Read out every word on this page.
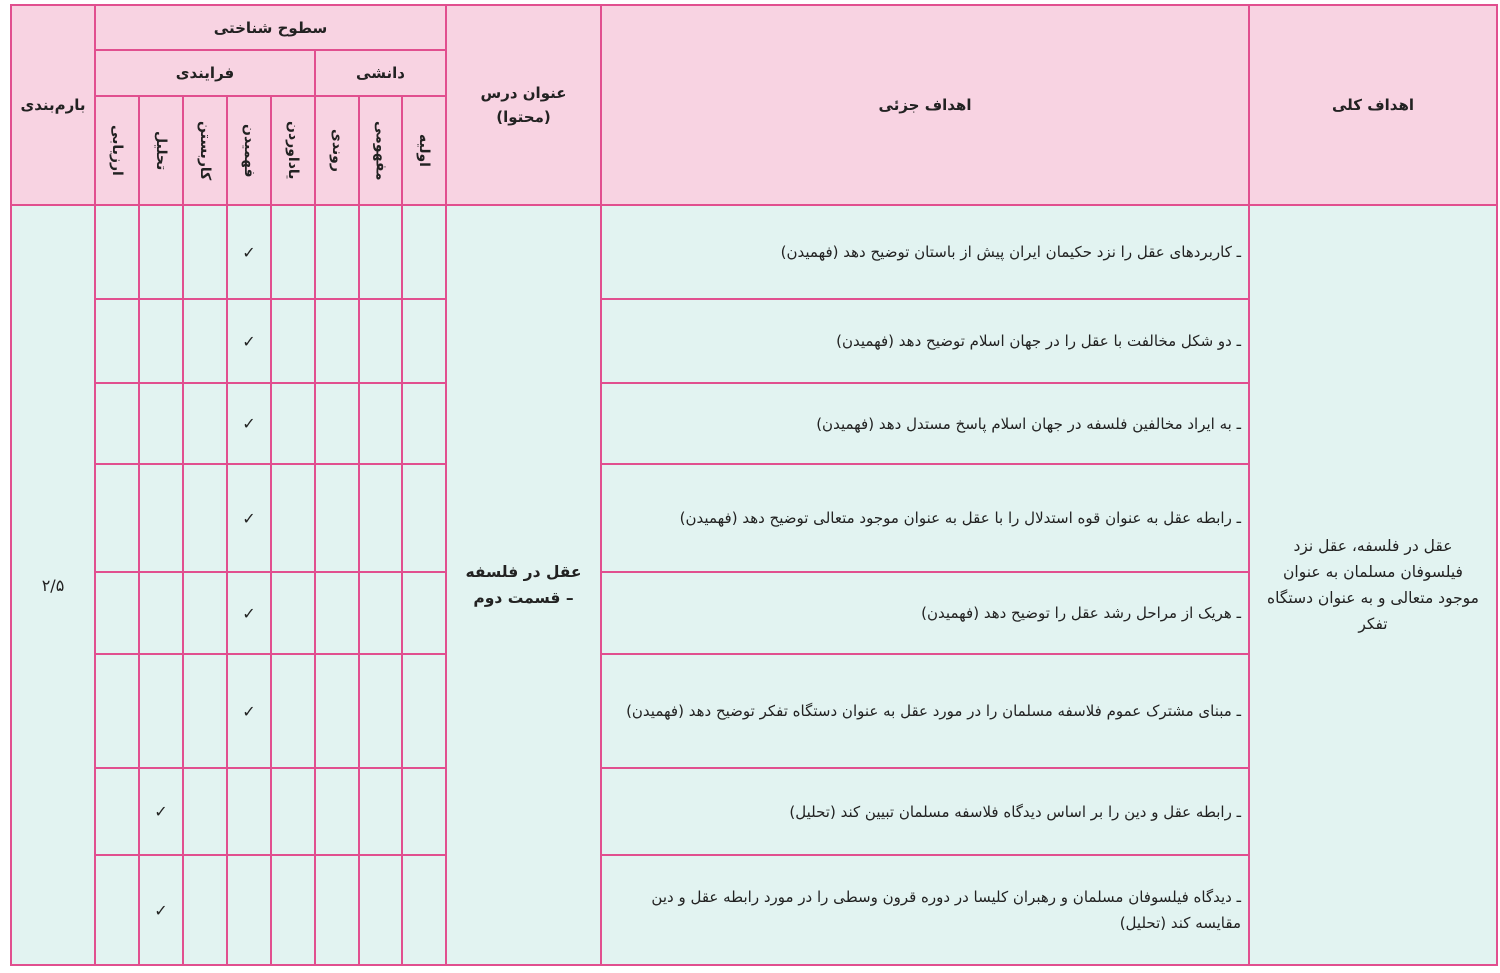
اهداف کلی
اهداف جزئی
عنوان درس
(محتوا)
سطوح شناختی
دانشی
فرایندی
بارم‌بندی
اولیه
مفهومی
روندی
یاداوردن
فهمیدن
کاربستن
تحلیل
ارزیابی
عقل در فلسفه، عقل نزد فیلسوفان مسلمان به عنوان موجود متعالی و به عنوان دستگاه تفکر
عقل در فلسفه – قسمت دوم
۲/۵
ـ کاربردهای عقل را نزد حکیمان ایران پیش از باستان توضیح دهد (فهمیدن)
✓
ـ دو شکل مخالفت با عقل را در جهان اسلام توضیح دهد (فهمیدن)
✓
ـ به ایراد مخالفین فلسفه در جهان اسلام پاسخ مستدل دهد (فهمیدن)
✓
ـ رابطه عقل به عنوان قوه استدلال را با عقل به عنوان موجود متعالی توضیح دهد (فهمیدن)
✓
ـ هریک از مراحل رشد عقل را توضیح دهد (فهمیدن)
✓
ـ مبنای مشترک عموم فلاسفه مسلمان را در مورد عقل به عنوان دستگاه تفکر توضیح دهد (فهمیدن)
✓
ـ رابطه عقل و دین را بر اساس دیدگاه فلاسفه مسلمان تبیین کند (تحلیل)
✓
ـ دیدگاه فیلسوفان مسلمان و رهبران کلیسا در دوره قرون وسطی را در مورد رابطه عقل و دین مقایسه کند (تحلیل)
✓
